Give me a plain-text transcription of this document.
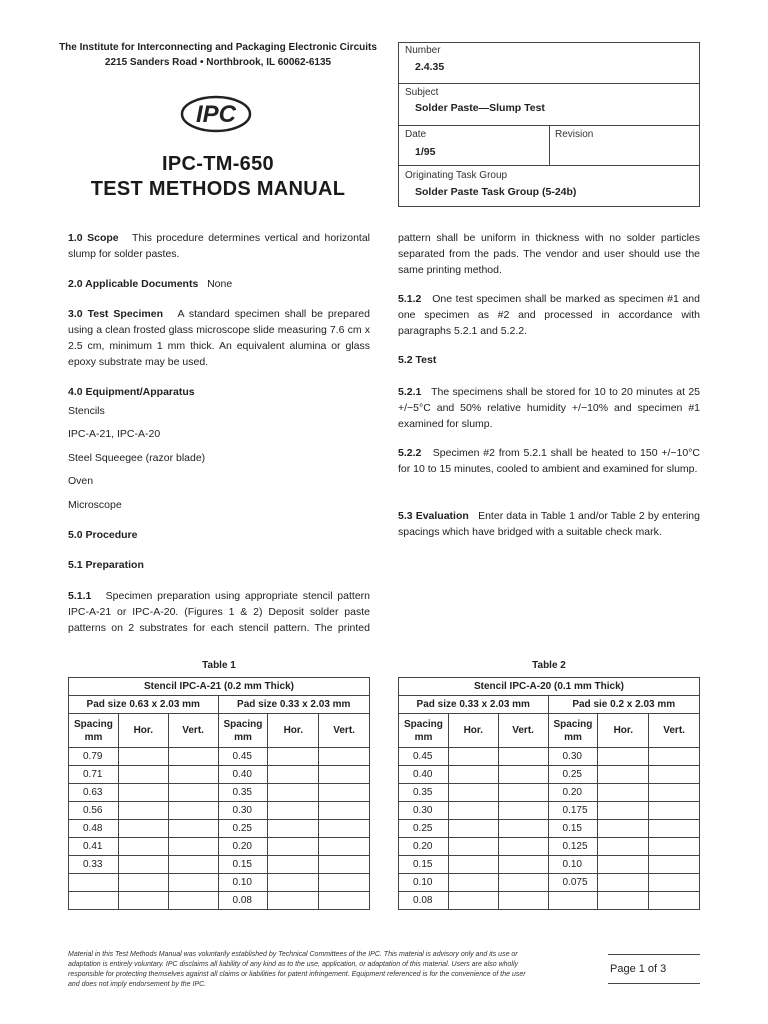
The Institute for Interconnecting and Packaging Electronic Circuits
2215 Sanders Road • Northbrook, IL 60062-6135
IPC
IPC-TM-650
TEST METHODS MANUAL
Number
2.4.35
Subject
Solder Paste—Slump Test
Date
1/95
Revision
Originating Task Group
Solder Paste Task Group (5-24b)
1.0 Scope This procedure determines vertical and horizontal slump for solder pastes.
2.0 Applicable Documents None
3.0 Test Specimen A standard specimen shall be prepared using a clean frosted glass microscope slide measuring 7.6 cm x 2.5 cm, minimum 1 mm thick. An equivalent alumina or glass epoxy substrate may be used.
4.0 Equipment/Apparatus
Stencils
IPC-A-21, IPC-A-20
Steel Squeegee (razor blade)
Oven
Microscope
5.0 Procedure
5.1 Preparation
5.1.1 Specimen preparation using appropriate stencil pattern IPC-A-21 or IPC-A-20. (Figures 1 & 2) Deposit solder paste patterns on 2 substrates for each stencil pattern. The printed
pattern shall be uniform in thickness with no solder particles separated from the pads. The vendor and user should use the same printing method.
5.1.2 One test specimen shall be marked as specimen #1 and one specimen as #2 and processed in accordance with paragraphs 5.2.1 and 5.2.2.
5.2 Test
5.2.1 The specimens shall be stored for 10 to 20 minutes at 25 +/−5°C and 50% relative humidity +/−10% and specimen #1 examined for slump.
5.2.2 Specimen #2 from 5.2.1 shall be heated to 150 +/−10°C for 10 to 15 minutes, cooled to ambient and examined for slump.
5.3 Evaluation Enter data in Table 1 and/or Table 2 by entering spacings which have bridged with a suitable check mark.
Table 1
Stencil IPC-A-21 (0.2 mm Thick)					
Pad size 0.63 x 2.03 mm			Pad size 0.33 x 2.03 mm		
Spacing mm	Hor.	Vert.	Spacing mm	Hor.	Vert.
0.79			0.45		
0.71			0.40		
0.63			0.35		
0.56			0.30		
0.48			0.25		
0.41			0.20		
0.33			0.15		
			0.10		
			0.08		
Table 2
Stencil IPC-A-20 (0.1 mm Thick)					
Pad size 0.33 x 2.03 mm			Pad sie 0.2 x 2.03 mm		
Spacing mm	Hor.	Vert.	Spacing mm	Hor.	Vert.
0.45			0.30		
0.40			0.25		
0.35			0.20		
0.30			0.175		
0.25			0.15		
0.20			0.125		
0.15			0.10		
0.10			0.075		
0.08					
Material in this Test Methods Manual was voluntarily established by Technical Committees of the IPC. This material is advisory only and its use or adaptation is entirely voluntary. IPC disclaims all liability of any kind as to the use, application, or adaptation of this material. Users are also wholly responsible for protecting themselves against all claims or liabilities for patent infringement. Equipment referenced is for the convenience of the user and does not imply endorsement by the IPC.
Page 1 of 3
